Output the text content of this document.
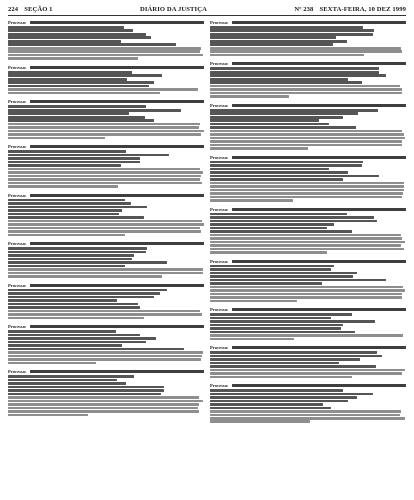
224 SEÇÃO 1	DIÁRIO DA JUSTIÇA	Nº 238 SEXTA-FEIRA, 10 DEZ 1999
Processo:
Processo:
Processo:
Processo:
Processo:
Processo:
Processo:
Processo:
Processo:
Processo:
Processo:
Processo:
Processo:
Processo:
Processo:
Processo:
Processo:
Processo:
